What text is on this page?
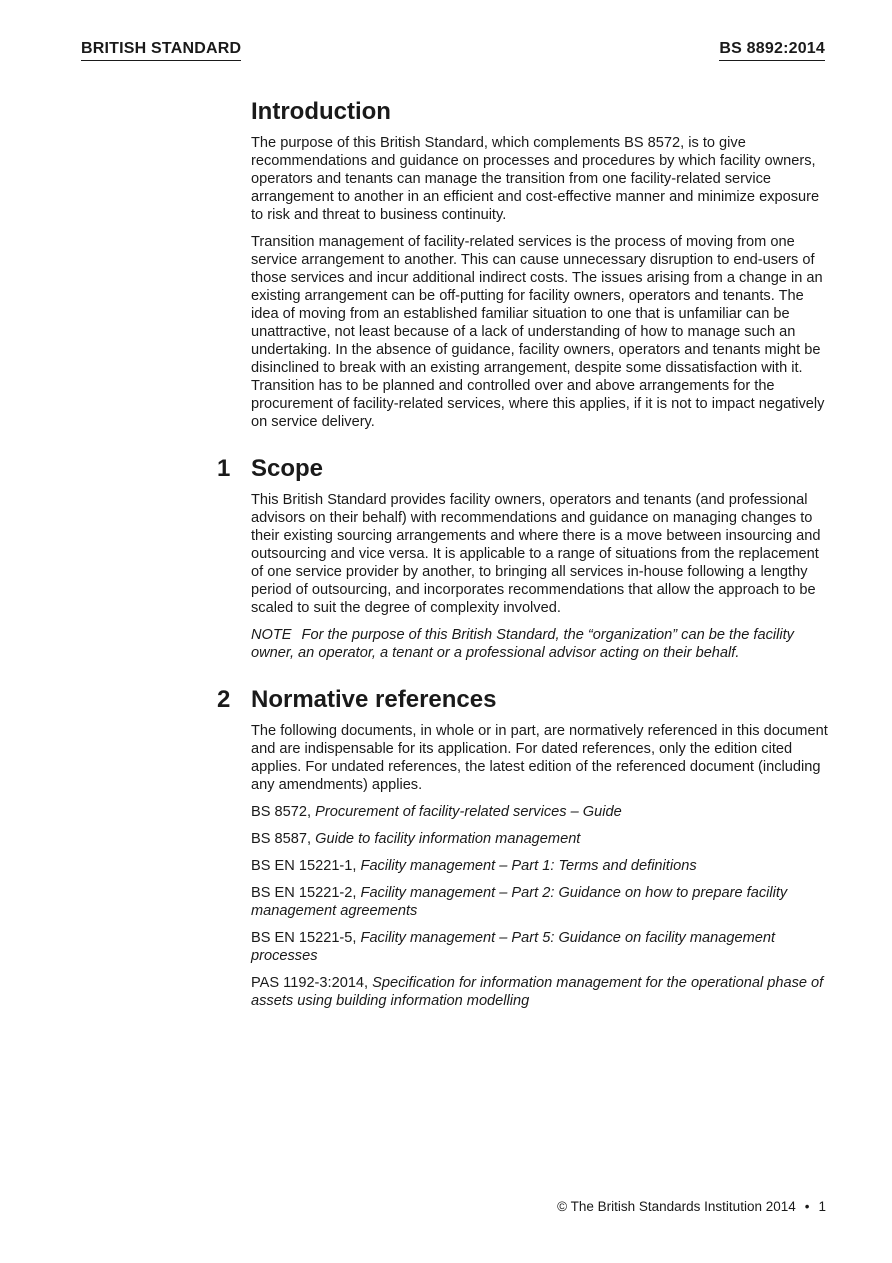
BRITISH STANDARD	BS 8892:2014
Introduction

The purpose of this British Standard, which complements BS 8572, is to give recommendations and guidance on processes and procedures by which facility owners, operators and tenants can manage the transition from one facility-related service arrangement to another in an efficient and cost-effective manner and minimize exposure to risk and threat to business continuity.

Transition management of facility-related services is the process of moving from one service arrangement to another. This can cause unnecessary disruption to end-users of those services and incur additional indirect costs. The issues arising from a change in an existing arrangement can be off-putting for facility owners, operators and tenants. The idea of moving from an established familiar situation to one that is unfamiliar can be unattractive, not least because of a lack of understanding of how to manage such an undertaking. In the absence of guidance, facility owners, operators and tenants might be disinclined to break with an existing arrangement, despite some dissatisfaction with it. Transition has to be planned and controlled over and above arrangements for the procurement of facility-related services, where this applies, if it is not to impact negatively on service delivery.

1 Scope

This British Standard provides facility owners, operators and tenants (and professional advisors on their behalf) with recommendations and guidance on managing changes to their existing sourcing arrangements and where there is a move between insourcing and outsourcing and vice versa. It is applicable to a range of situations from the replacement of one service provider by another, to bringing all services in-house following a lengthy period of outsourcing, and incorporates recommendations that allow the approach to be scaled to suit the degree of complexity involved.

NOTE For the purpose of this British Standard, the “organization” can be the facility owner, an operator, a tenant or a professional advisor acting on their behalf.

2 Normative references

The following documents, in whole or in part, are normatively referenced in this document and are indispensable for its application. For dated references, only the edition cited applies. For undated references, the latest edition of the referenced document (including any amendments) applies.

BS 8572, Procurement of facility-related services – Guide

BS 8587, Guide to facility information management

BS EN 15221-1, Facility management – Part 1: Terms and definitions

BS EN 15221-2, Facility management – Part 2: Guidance on how to prepare facility management agreements

BS EN 15221-5, Facility management – Part 5: Guidance on facility management processes

PAS 1192-3:2014, Specification for information management for the operational phase of assets using building information modelling

© The British Standards Institution 2014 • 1
